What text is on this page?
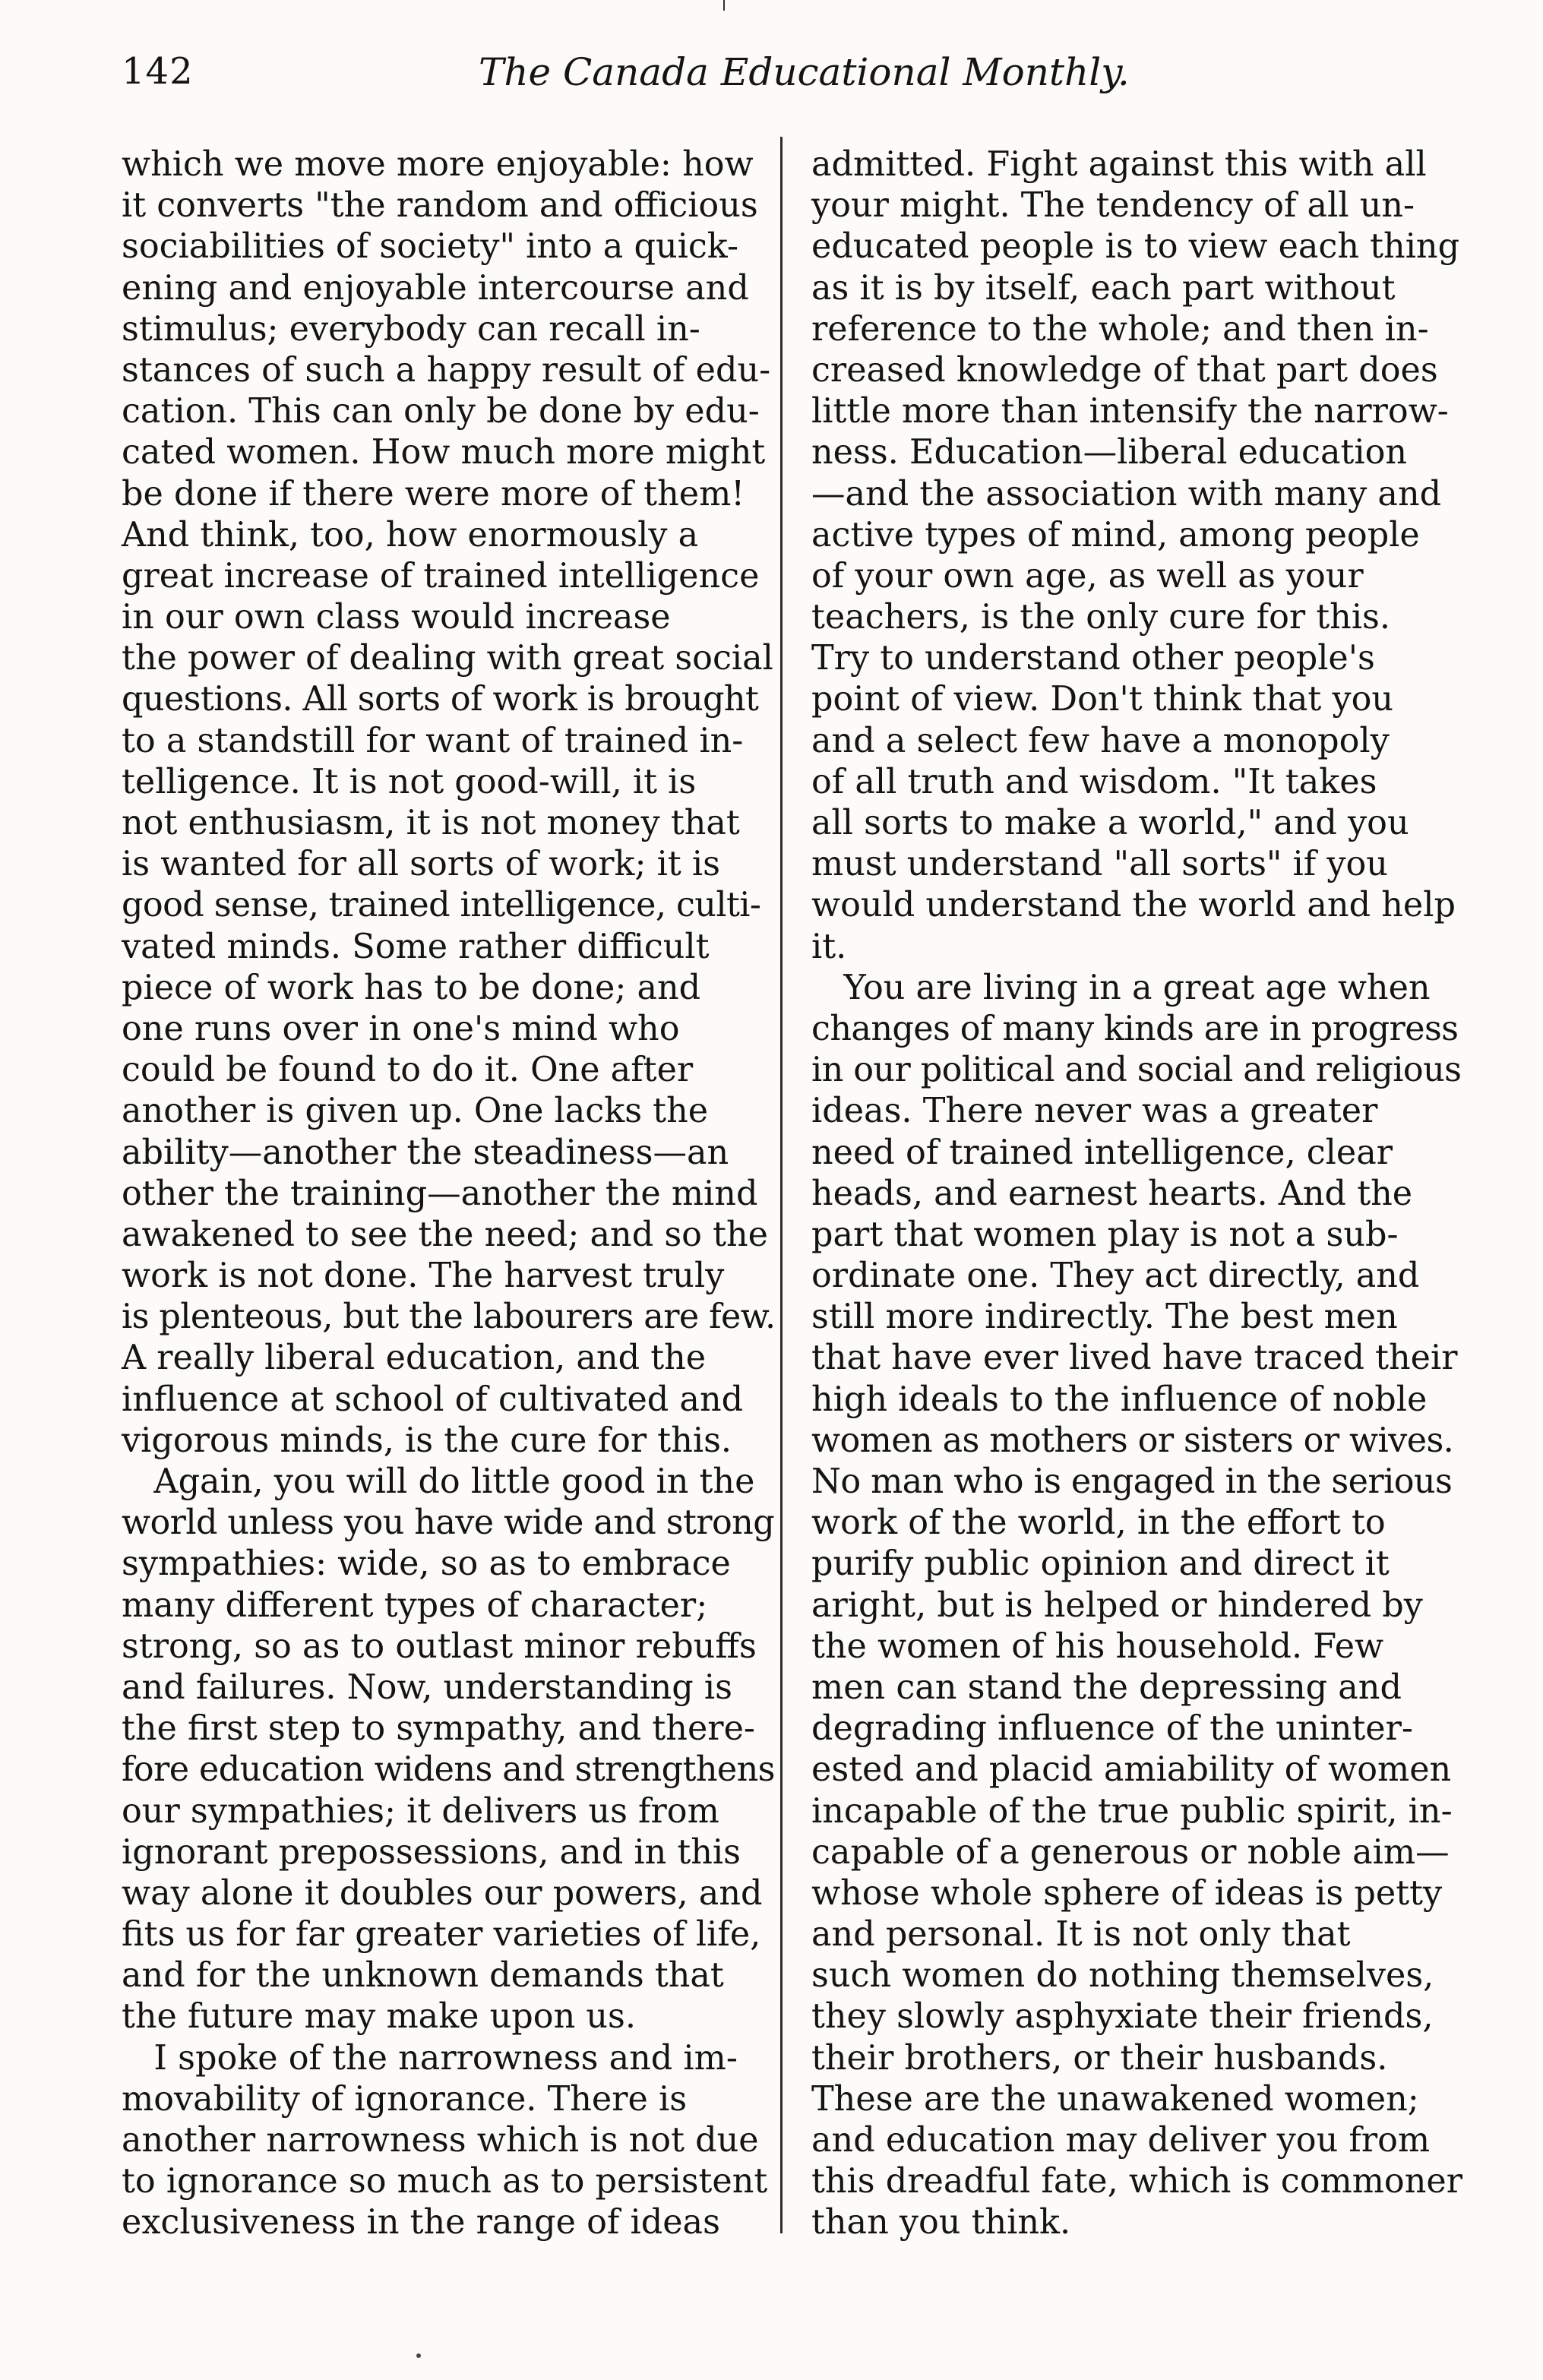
142	The Canada Educational Monthly.
which we move more enjoyable: how
it converts "the random and officious
sociabilities of society" into a quick-
ening and enjoyable intercourse and
stimulus; everybody can recall in-
stances of such a happy result of edu-
cation. This can only be done by edu-
cated women. How much more might
be done if there were more of them!
And think, too, how enormously a
great increase of trained intelligence
in our own class would increase
the power of dealing with great social
questions. All sorts of work is brought
to a standstill for want of trained in-
telligence. It is not good-will, it is
not enthusiasm, it is not money that
is wanted for all sorts of work; it is
good sense, trained intelligence, culti-
vated minds. Some rather difficult
piece of work has to be done; and
one runs over in one's mind who
could be found to do it. One after
another is given up. One lacks the
ability—another the steadiness—an
other the training—another the mind
awakened to see the need; and so the
work is not done. The harvest truly
is plenteous, but the labourers are few.
A really liberal education, and the
influence at school of cultivated and
vigorous minds, is the cure for this.
Again, you will do little good in the
world unless you have wide and strong
sympathies: wide, so as to embrace
many different types of character;
strong, so as to outlast minor rebuffs
and failures. Now, understanding is
the first step to sympathy, and there-
fore education widens and strengthens
our sympathies; it delivers us from
ignorant prepossessions, and in this
way alone it doubles our powers, and
fits us for far greater varieties of life,
and for the unknown demands that
the future may make upon us.
I spoke of the narrowness and im-
movability of ignorance. There is
another narrowness which is not due
to ignorance so much as to persistent
exclusiveness in the range of ideas
admitted. Fight against this with all
your might. The tendency of all un-
educated people is to view each thing
as it is by itself, each part without
reference to the whole; and then in-
creased knowledge of that part does
little more than intensify the narrow-
ness. Education—liberal education
—and the association with many and
active types of mind, among people
of your own age, as well as your
teachers, is the only cure for this.
Try to understand other people's
point of view. Don't think that you
and a select few have a monopoly
of all truth and wisdom. "It takes
all sorts to make a world," and you
must understand "all sorts" if you
would understand the world and help
it.
You are living in a great age when
changes of many kinds are in progress
in our political and social and religious
ideas. There never was a greater
need of trained intelligence, clear
heads, and earnest hearts. And the
part that women play is not a sub-
ordinate one. They act directly, and
still more indirectly. The best men
that have ever lived have traced their
high ideals to the influence of noble
women as mothers or sisters or wives.
No man who is engaged in the serious
work of the world, in the effort to
purify public opinion and direct it
aright, but is helped or hindered by
the women of his household. Few
men can stand the depressing and
degrading influence of the uninter-
ested and placid amiability of women
incapable of the true public spirit, in-
capable of a generous or noble aim—
whose whole sphere of ideas is petty
and personal. It is not only that
such women do nothing themselves,
they slowly asphyxiate their friends,
their brothers, or their husbands.
These are the unawakened women;
and education may deliver you from
this dreadful fate, which is commoner
than you think.
